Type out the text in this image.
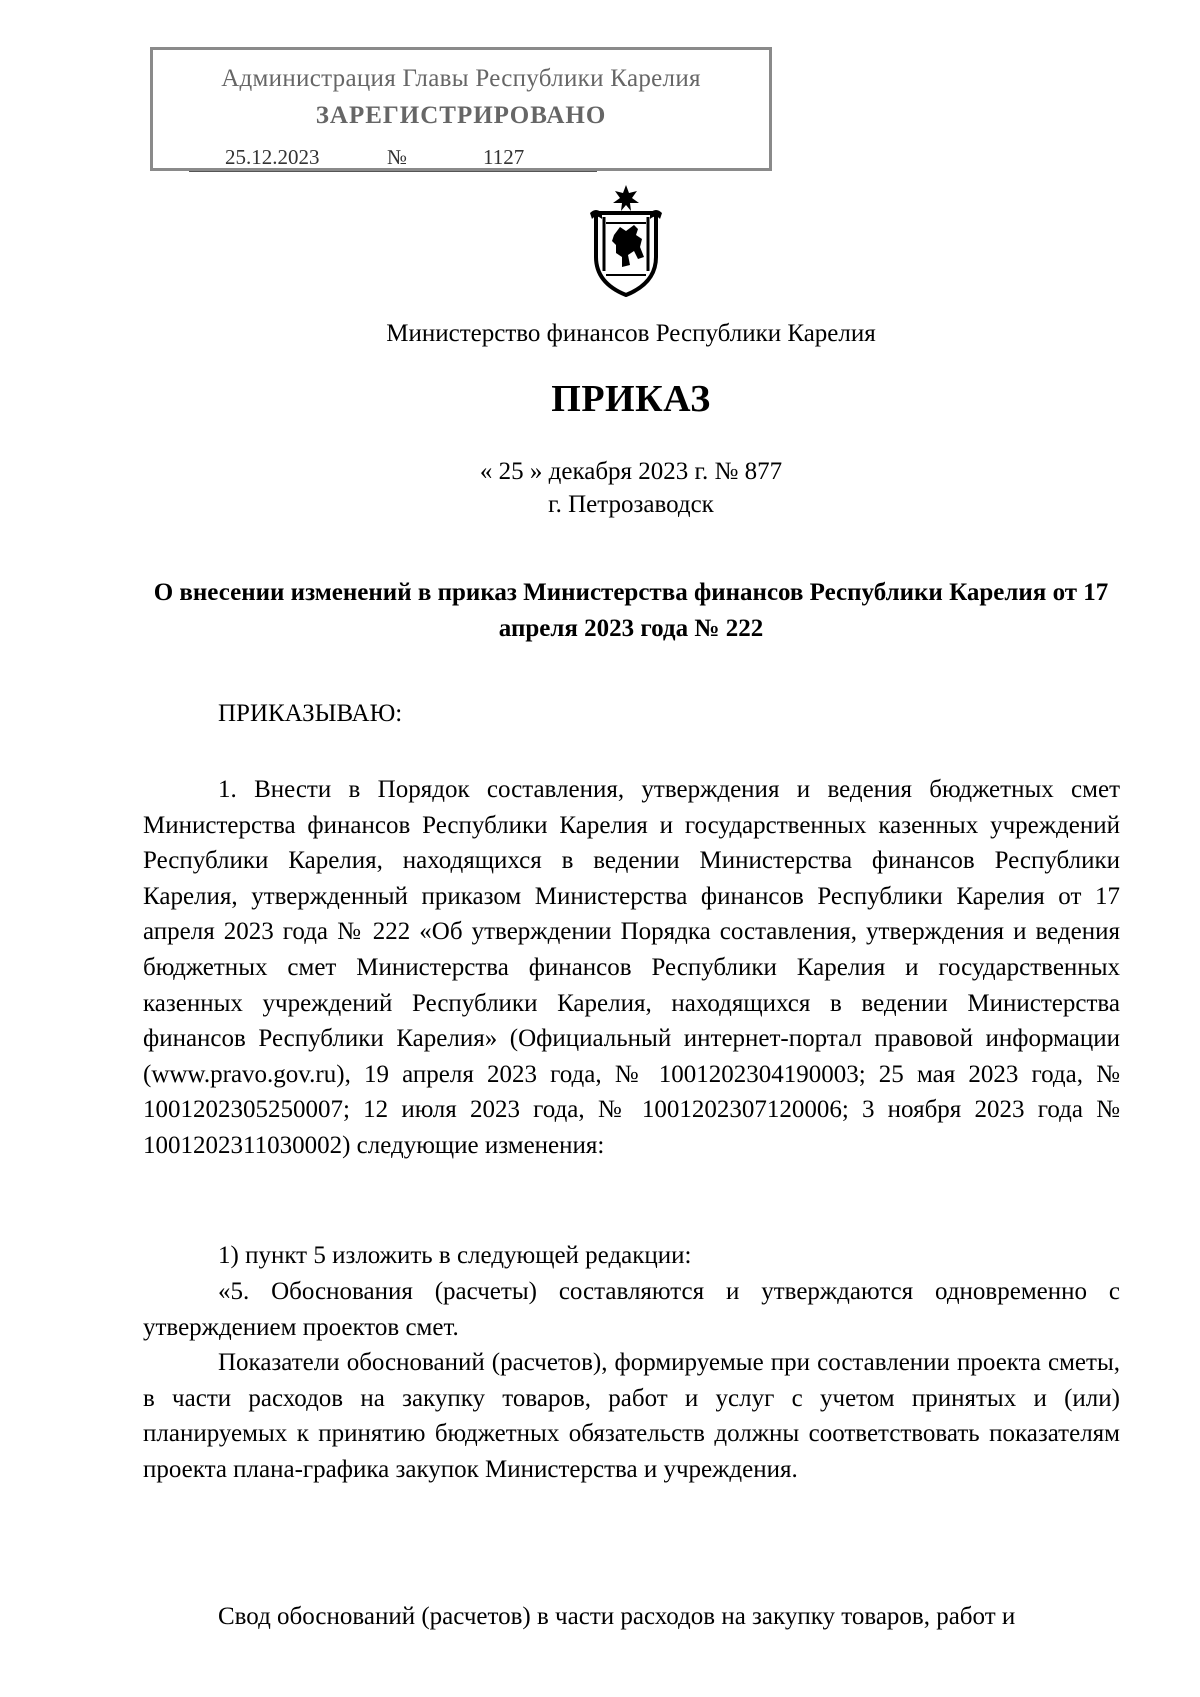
Администрация Главы Республики Карелия
ЗАРЕГИСТРИРОВАНО
25.12.2023	№	1127
Министерство финансов Республики Карелия
ПРИКАЗ
« 25 » декабря 2023 г. № 877
г. Петрозаводск
О внесении изменений в приказ Министерства финансов Республики Карелия от 17 апреля 2023 года № 222
ПРИКАЗЫВАЮ:

1. Внести в Порядок составления, утверждения и ведения бюджетных смет Министерства финансов Республики Карелия и государственных казенных учреждений Республики Карелия, находящихся в ведении Министерства финансов Республики Карелия, утвержденный приказом Министерства финансов Республики Карелия от 17 апреля 2023 года № 222 «Об утверждении Порядка составления, утверждения и ведения бюджетных смет Министерства финансов Республики Карелия и государственных казенных учреждений Республики Карелия, находящихся в ведении Министерства финансов Республики Карелия» (Официальный интернет-портал правовой информации (www.pravo.gov.ru), 19 апреля 2023 года, № 1001202304190003; 25 мая 2023 года, № 1001202305250007; 12 июля 2023 года, № 1001202307120006; 3 ноября 2023 года № 1001202311030002) следующие изменения:

1) пункт 5 изложить в следующей редакции:

«5. Обоснования (расчеты) составляются и утверждаются одновременно с утверждением проектов смет.

Показатели обоснований (расчетов), формируемые при составлении проекта сметы, в части расходов на закупку товаров, работ и услуг с учетом принятых и (или) планируемых к принятию бюджетных обязательств должны соответствовать показателям проекта плана-графика закупок Министерства и учреждения.

Свод обоснований (расчетов) в части расходов на закупку товаров, работ и
